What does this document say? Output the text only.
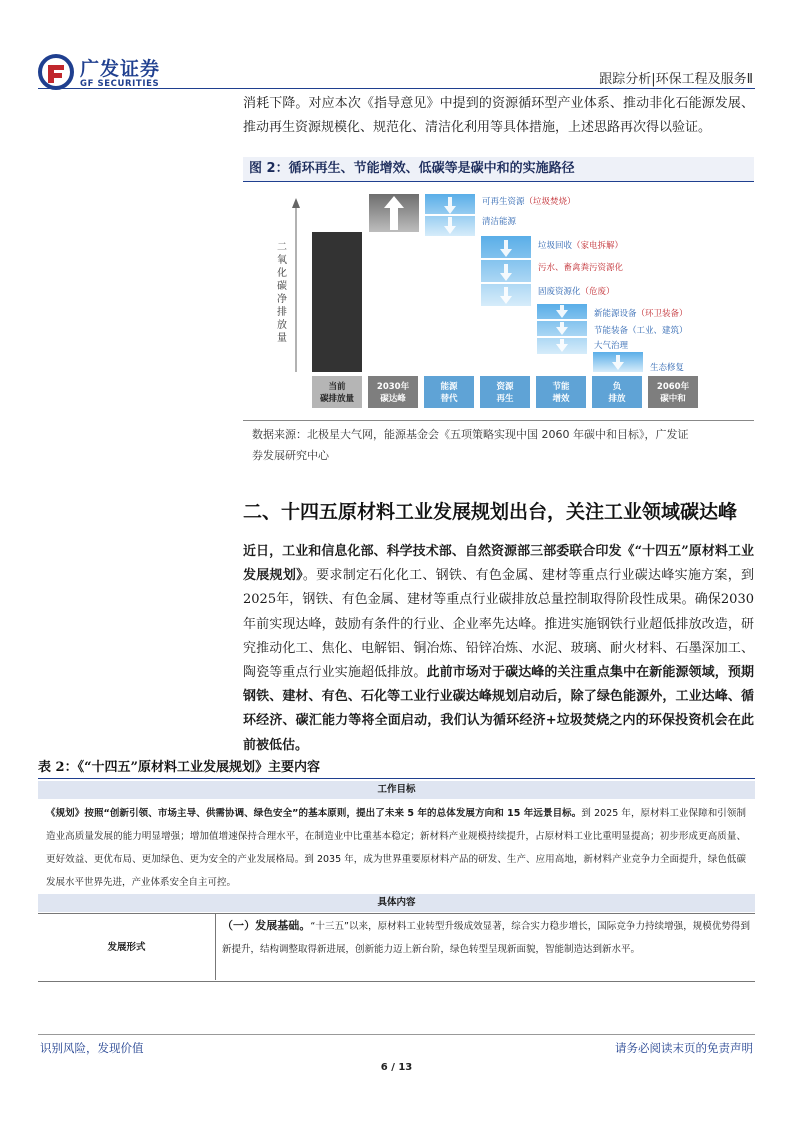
广发证券
GF SECURITIES	跟踪分析|环保工程及服务Ⅱ

消耗下降。对应本次《指导意见》中提到的资源循环型产业体系、推动非化石能源发展、推动再生资源规模化、规范化、清洁化利用等具体措施，上述思路再次得以验证。

图 2：循环再生、节能增效、低碳等是碳中和的实施路径
二
氧
化
碳
净
排
放
量
可再生资源（垃圾焚烧）
清洁能源
垃圾回收（家电拆解）
污水、畜禽粪污资源化
固废资源化（危废）
新能源设备（环卫装备）
节能装备（工业、建筑）
大气治理
生态修复
当前
碳排放量
2030年
碳达峰
能源
替代
资源
再生
节能
增效
负
排放
2060年
碳中和
数据来源：北极星大气网，能源基金会《五项策略实现中国 2060 年碳中和目标》，广发证
券发展研究中心
二、十四五原材料工业发展规划出台，关注工业领域碳达峰

近日，工业和信息化部、科学技术部、自然资源部三部委联合印发《“十四五”原材料工业发展规划》。要求制定石化化工、钢铁、有色金属、建材等重点行业碳达峰实施方案，到2025年，钢铁、有色金属、建材等重点行业碳排放总量控制取得阶段性成果。确保2030年前实现达峰，鼓励有条件的行业、企业率先达峰。推进实施钢铁行业超低排放改造，研究推动化工、焦化、电解铝、铜冶炼、铅锌冶炼、水泥、玻璃、耐火材料、石墨深加工、陶瓷等重点行业实施超低排放。此前市场对于碳达峰的关注重点集中在新能源领域，预期钢铁、建材、有色、石化等工业行业碳达峰规划启动后，除了绿色能源外，工业达峰、循环经济、碳汇能力等将全面启动，我们认为循环经济+垃圾焚烧之内的环保投资机会在此前被低估。

表 2：《“十四五”原材料工业发展规划》主要内容
工作目标
《规划》按照“创新引领、市场主导、供需协调、绿色安全”的基本原则，提出了未来 5 年的总体发展方向和 15 年远景目标。到 2025 年，原材料工业保障和引领制造业高质量发展的能力明显增强；增加值增速保持合理水平，在制造业中比重基本稳定；新材料产业规模持续提升，占原材料工业比重明显提高；初步形成更高质量、更好效益、更优布局、更加绿色、更为安全的产业发展格局。到 2035 年，成为世界重要原材料产品的研发、生产、应用高地，新材料产业竞争力全面提升，绿色低碳发展水平世界先进，产业体系安全自主可控。
具体内容
发展形式
（一）发展基础。“十三五”以来，原材料工业转型升级成效显著，综合实力稳步增长，国际竞争力持续增强，规模优势得到新提升，结构调整取得新进展，创新能力迈上新台阶，绿色转型呈现新面貌，智能制造达到新水平。
识别风险，发现价值	请务必阅读末页的免责声明
6 / 13
